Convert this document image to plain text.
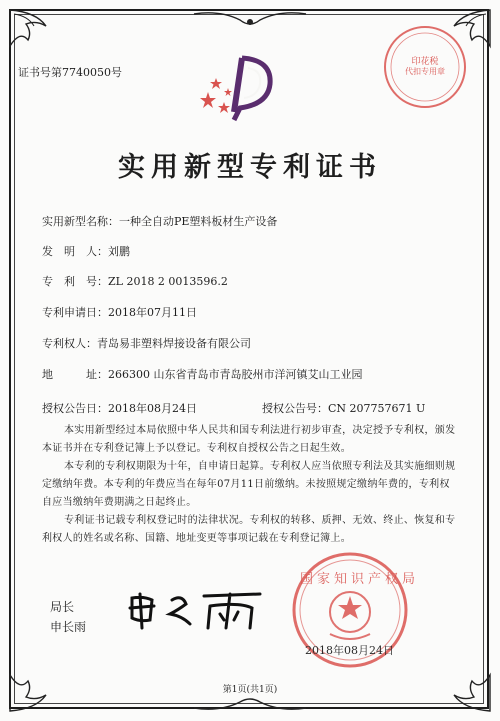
证书号第7740050号
印花税
代扣专用章
实用新型专利证书
实用新型名称：一种全自动PE塑料板材生产设备
发　明　人：刘鹏
专　利　号：ZL 2018 2 0013596.2
专利申请日：2018年07月11日
专利权人：青岛易非塑料焊接设备有限公司
地　　　址：266300 山东省青岛市青岛胶州市洋河镇艾山工业园
授权公告日：2018年08月24日	授权公告号：CN 207757671 U
本实用新型经过本局依照中华人民共和国专利法进行初步审查，决定授予专利权，颁发本证书并在专利登记簿上予以登记。专利权自授权公告之日起生效。
本专利的专利权期限为十年，自申请日起算。专利权人应当依照专利法及其实施细则规定缴纳年费。本专利的年费应当在每年07月11日前缴纳。未按照规定缴纳年费的，专利权自应当缴纳年费期满之日起终止。
专利证书记载专利权登记时的法律状况。专利权的转移、质押、无效、终止、恢复和专利权人的姓名或名称、国籍、地址变更等事项记载在专利登记簿上。
局长
申长雨
国家知识产权局
2018年08月24日
第1页(共1页)
